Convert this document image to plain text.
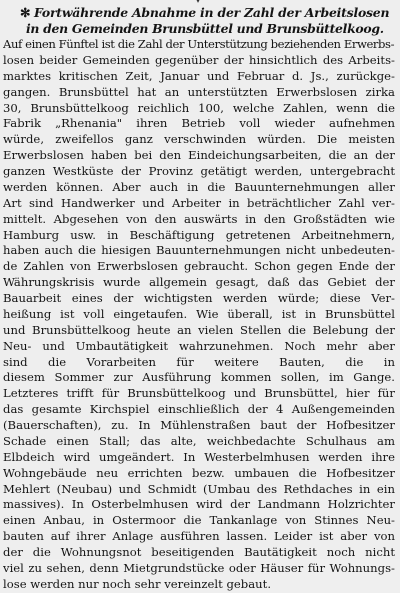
▾
✻ Fortwährende Abnahme in der Zahl der Arbeitslosen
in den Gemeinden Brunsbüttel und Brunsbüttelkoog.
Auf einen Fünftel ist die Zahl der Unterstützung beziehenden Erwerbs-
losen beider Gemeinden gegenüber der hinsichtlich des Arbeits-
marktes kritischen Zeit, Januar und Februar d. Js., zurückge-
gangen. Brunsbüttel hat an unterstützten Erwerbslosen zirka
30, Brunsbüttelkoog reichlich 100, welche Zahlen, wenn die
Fabrik „Rhenania" ihren Betrieb voll wieder aufnehmen
würde, zweifellos ganz verschwinden würden. Die meisten
Erwerbslosen haben bei den Eindeichungsarbeiten, die an der
ganzen Westküste der Provinz getätigt werden, untergebracht
werden können. Aber auch in die Bauunternehmungen aller
Art sind Handwerker und Arbeiter in beträchtlicher Zahl ver-
mittelt. Abgesehen von den auswärts in den Großstädten wie
Hamburg usw. in Beschäftigung getretenen Arbeitnehmern,
haben auch die hiesigen Bauunternehmungen nicht unbedeuten-
de Zahlen von Erwerbslosen gebraucht. Schon gegen Ende der
Währungskrisis wurde allgemein gesagt, daß das Gebiet der
Bauarbeit eines der wichtigsten werden würde; diese Ver-
heißung ist voll eingetaufen. Wie überall, ist in Brunsbüttel
und Brunsbüttelkoog heute an vielen Stellen die Belebung der
Neu- und Umbautätigkeit wahrzunehmen. Noch mehr aber
sind die Vorarbeiten für weitere Bauten, die in
diesem Sommer zur Ausführung kommen sollen, im Gange.
Letzteres trifft für Brunsbüttelkoog und Brunsbüttel, hier für
das gesamte Kirchspiel einschließlich der 4 Außengemeinden
(Bauerschaften), zu. In Mühlenstraßen baut der Hofbesitzer
Schade einen Stall; das alte, weichbedachte Schulhaus am
Elbdeich wird umgeändert. In Westerbelmhusen werden ihre
Wohngebäude neu errichten bezw. umbauen die Hofbesitzer
Mehlert (Neubau) und Schmidt (Umbau des Rethdaches in ein
massives). In Osterbelmhusen wird der Landmann Holzrichter
einen Anbau, in Ostermoor die Tankanlage von Stinnes Neu-
bauten auf ihrer Anlage ausführen lassen. Leider ist aber von
der die Wohnungsnot beseitigenden Bautätigkeit noch nicht
viel zu sehen, denn Mietgrundstücke oder Häuser für Wohnungs-
lose werden nur noch sehr vereinzelt gebaut.
